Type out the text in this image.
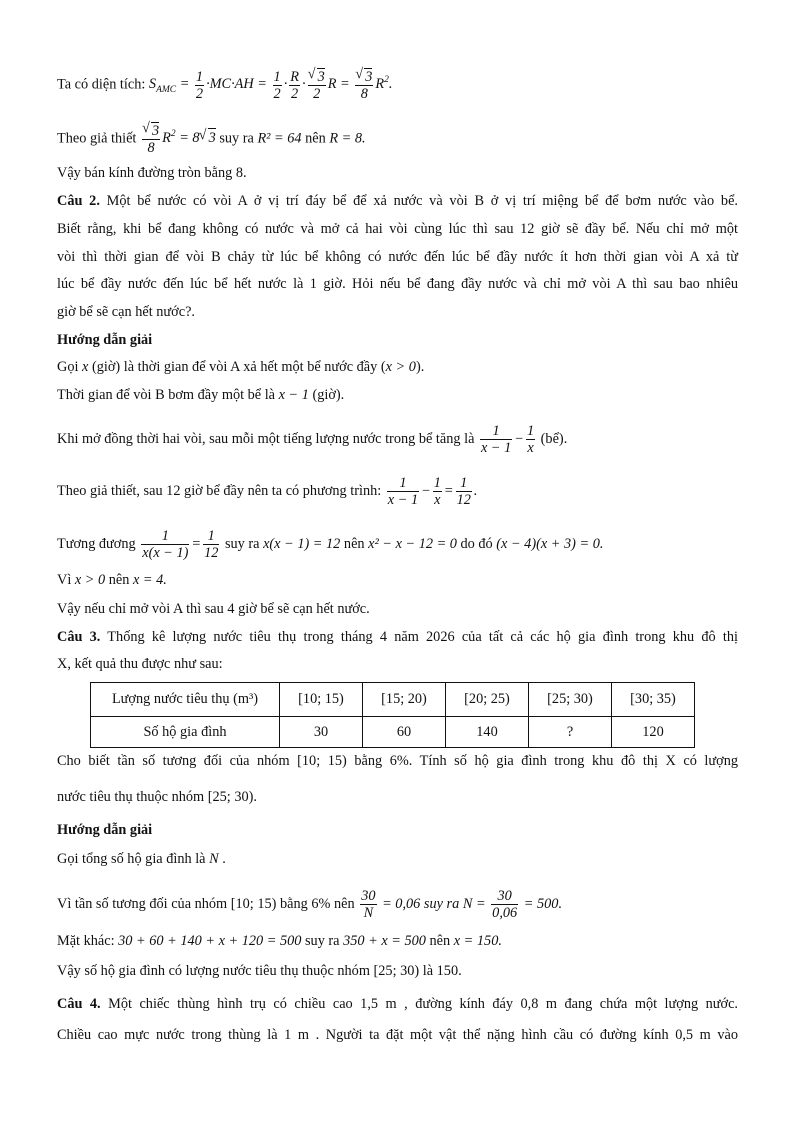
Ta có diện tích: $S_{AMC} = \frac{1}{2} \cdot MC\cdot AH = \frac{1}{2} \cdot \frac{R}{2}$ · √ $\frac{3}{2}$ R = √ $\frac{3}{8} R^2$.
Theo giả thiết √ $\frac{3}{8} R^2 = 8$ √ 3 suy ra R² = 64 nên R = 8.
Vậy bán kính đường tròn bằng 8.
Câu 2. Một bể nước có vòi A ở vị trí đáy bể để xả nước và vòi B ở vị trí miệng bể để bơm nước vào bể.
Biết rằng, khi bể đang không có nước và mở cả hai vòi cùng lúc thì sau 12 giờ sẽ đầy bể. Nếu chỉ mở một
vòi thì thời gian để vòi B chảy từ lúc bể không có nước đến lúc bể đầy nước ít hơn thời gian vòi A xả từ
lúc bể đầy nước đến lúc bể hết nước là 1 giờ. Hỏi nếu bể đang đầy nước và chỉ mở vòi A thì sau bao nhiêu
giờ bể sẽ cạn hết nước?.
Hướng dẫn giải
Gọi x (giờ) là thời gian để vòi A xả hết một bể nước đầy (x > 0).
Thời gian để vòi B bơm đầy một bể là x − 1 (giờ).
Khi mở đồng thời hai vòi, sau mỗi một tiếng lượng nước trong bể tăng là $\frac{1}{x - 1} - \frac{1}{x}$ (bể).
Theo giả thiết, sau 12 giờ bể đầy nên ta có phương trình: $\frac{1}{x - 1} - \frac{1}{x} = \frac{1}{12}$ .
Tương đương $\frac{1}{x(x - 1)} = \frac{1}{12}$ suy ra x(x − 1) = 12 nên x² − x − 12 = 0 do đó (x − 4)(x + 3) = 0.
Vì x > 0 nên x = 4.
Vậy nếu chỉ mở vòi A thì sau 4 giờ bể sẽ cạn hết nước.
Câu 3. Thống kê lượng nước tiêu thụ trong tháng 4 năm 2026 của tất cả các hộ gia đình trong khu đô thị
X, kết quả thu được như sau:
Lượng nước tiêu thụ (m³)	[10; 15)	[15; 20)	[20; 25)	[25; 30)	[30; 35)
Số hộ gia đình	30	60	140	?	120
Cho biết tần số tương đối của nhóm [10; 15) bằng 6%. Tính số hộ gia đình trong khu đô thị X có lượng
nước tiêu thụ thuộc nhóm [25; 30).
Hướng dẫn giải
Gọi tổng số hộ gia đình là N .
Vì tần số tương đối của nhóm [10; 15) bằng 6% nên $\frac{30}{N} = 0,06$ suy ra $N = \frac{30}{0,06} = 500$.
Mặt khác: 30 + 60 + 140 + x + 120 = 500 suy ra 350 + x = 500 nên x = 150.
Vậy số hộ gia đình có lượng nước tiêu thụ thuộc nhóm [25; 30) là 150.
Câu 4. Một chiếc thùng hình trụ có chiều cao 1,5 m , đường kính đáy 0,8 m đang chứa một lượng nước.
Chiều cao mực nước trong thùng là 1 m . Người ta đặt một vật thể nặng hình cầu có đường kính 0,5 m vào
